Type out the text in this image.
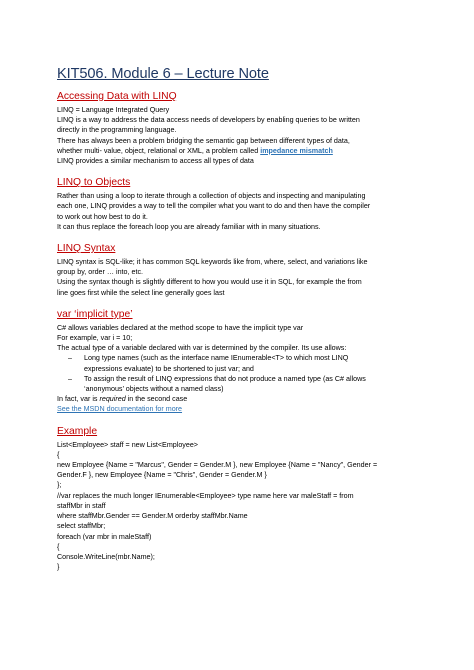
KIT506. Module 6 – Lecture Note
Accessing Data with LINQ

LINQ = Language Integrated Query

LINQ is a way to address the data access needs of developers by enabling queries to be written

directly in the programming language.

There has always been a problem bridging the semantic gap between different types of data,

whether multi- value, object, relational or XML, a problem called impedance mismatch

LINQ provides a similar mechanism to access all types of data

LINQ to Objects

Rather than using a loop to iterate through a collection of objects and inspecting and manipulating

each one, LINQ provides a way to tell the compiler what you want to do and then have the compiler

to work out how best to do it.

It can thus replace the foreach loop you are already familiar with in many situations.

LINQ Syntax

LINQ syntax is SQL-like; it has common SQL keywords like from, where, select, and variations like

group by, order … into, etc.

Using the syntax though is slightly different to how you would use it in SQL, for example the from

line goes first while the select line generally goes last

var ‘implicit type’

C# allows variables declared at the method scope to have the implicit type var

For example, var i = 10;

The actual type of a variable declared with var is determined by the compiler. Its use allows:

– Long type names (such as the interface name IEnumerable<T> to which most LINQ
expressions evaluate) to be shortened to just var; and
– To assign the result of LINQ expressions that do not produce a named type (as C# allows
‘anonymous’ objects without a named class)

In fact, var is required in the second case

See the MSDN documentation for more

Example

List<Employee> staff = new List<Employee>

{

new Employee {Name = "Marcus", Gender = Gender.M }, new Employee {Name = "Nancy", Gender =

Gender.F }, new Employee {Name = "Chris", Gender = Gender.M }

};

//var replaces the much longer IEnumerable<Employee> type name here var maleStaff = from

staffMbr in staff

where staffMbr.Gender == Gender.M orderby staffMbr.Name

select staffMbr;

foreach (var mbr in maleStaff)

{

Console.WriteLine(mbr.Name);

}
